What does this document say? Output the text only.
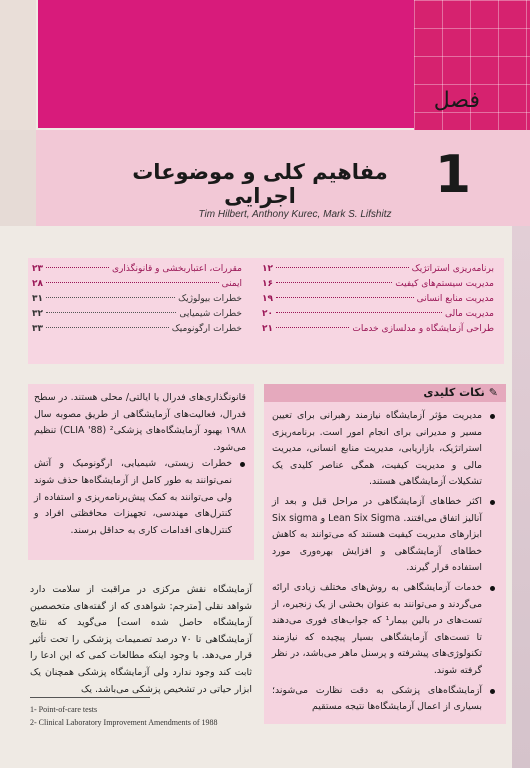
فصل
1
مفاهیم کلی و موضوعات اجرایی
Tim Hilbert, Anthony Kurec, Mark S. Lifshitz
برنامه‌ریزی استراتژیک
۱۲
مدیریت سیستم‌های کیفیت
۱۶
مدیریت منابع انسانی
۱۹
مدیریت مالی
۲۰
طراحی آزمایشگاه و مدلسازی خدمات
۲۱
مقررات، اعتباربخشی و قانونگذاری
۲۳
ایمنی
۲۸
خطرات بیولوژیک
۳۱
خطرات شیمیایی
۳۲
خطرات ارگونومیک
۳۳
✎
نکات کلیدی
مدیریت مؤثر آزمایشگاه نیازمند رهبرانی برای تعیین مسیر و مدیرانی برای انجام امور است. برنامه‌ریزی استراتژیک، بازاریابی، مدیریت منابع انسانی، مدیریت مالی و مدیریت کیفیت، همگی عناصر کلیدی یک تشکیلات آزمایشگاهی هستند.
اکثر خطاهای آزمایشگاهی در مراحل قبل و بعد از آنالیز اتفاق می‌افتند. Lean Six Sigma و Six sigma ابزارهای مدیریت کیفیت هستند که می‌توانند به کاهش خطاهای آزمایشگاهی و افزایش بهره‌وری مورد استفاده قرار گیرند.
خدمات آزمایشگاهی به روش‌های مختلف زیادی ارائه می‌گردند و می‌توانند به عنوان بخشی از یک زنجیره، از تست‌های در بالین بیمار¹ که جواب‌های فوری می‌دهند تا تست‌های آزمایشگاهی بسیار پیچیده که نیازمند تکنولوژی‌های پیشرفته و پرسنل ماهر می‌باشد، در نظر گرفته شوند.
آزمایشگاه‌های پزشکی به دقت نظارت می‌شوند؛ بسیاری از اعمال آزمایشگاه‌ها نتیجه مستقیم

قانونگذاری‌های فدرال یا ایالتی/ محلی هستند. در سطح فدرال، فعالیت‌های آزمایشگاهی از طریق مصوبه سال ۱۹۸۸ بهبود آزمایشگاه‌های پزشکی² (CLIA '88) تنظیم می‌شود.

خطرات زیستی، شیمیایی، ارگونومیک و آتش نمی‌توانند به طور کامل از آزمایشگاه‌ها حذف شوند ولی می‌توانند به کمک پیش‌برنامه‌ریزی و استفاده از کنترل‌های مهندسی، تجهیزات محافظتی افراد و کنترل‌های اقدامات کاری به حداقل برسند.
آزمایشگاه نقش مرکزی در مراقبت از سلامت دارد شواهد نقلی [مترجم: شواهدی که از گفته‌های متخصصین آزمایشگاه حاصل شده است] می‌گوید که نتایج آزمایشگاهی تا ۷۰ درصد تصمیمات پزشکی را تحت تأثیر قرار می‌دهد. با وجود اینکه مطالعات کمی که این ادعا را ثابت کند وجود ندارد ولی آزمایشگاه پزشکی همچنان یک ابزار حیاتی در تشخیص پزشکی می‌باشد. یک
1- Point-of-care tests
2- Clinical Laboratory Improvement Amendments of 1988
